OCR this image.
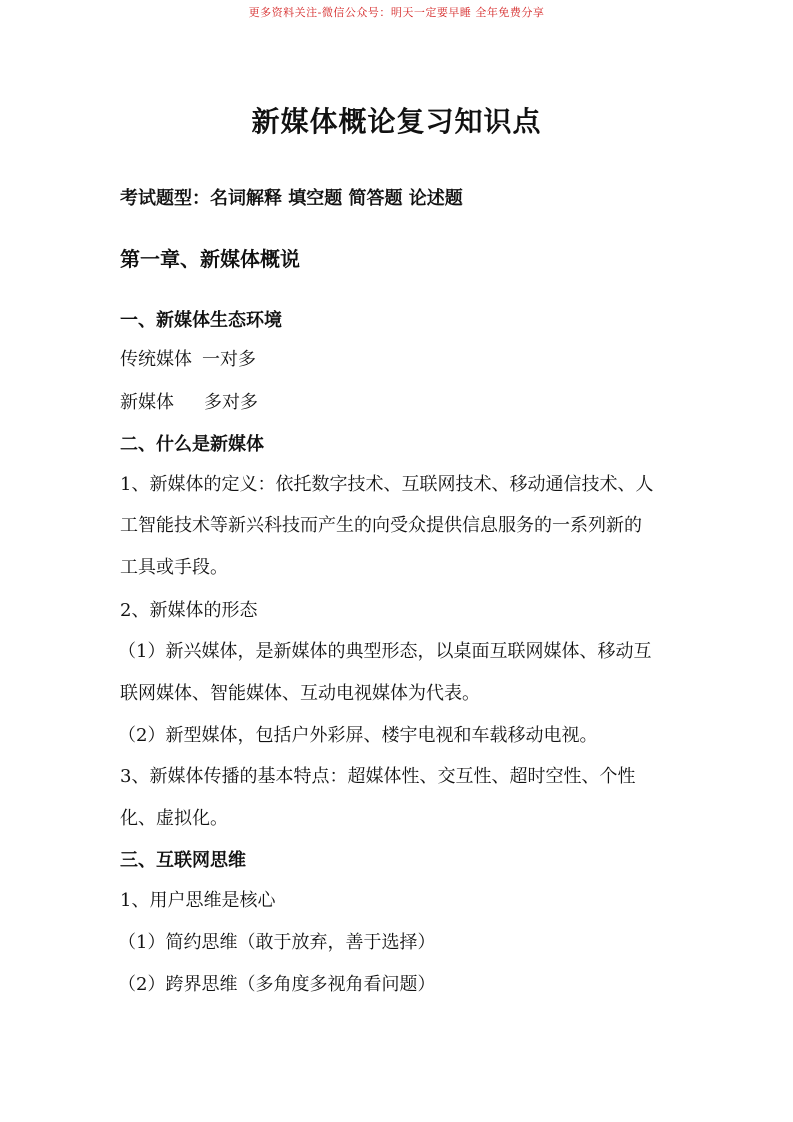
更多资料关注-微信公众号：明天一定要早睡 全年免费分享
新媒体概论复习知识点
考试题型：名词解释 填空题 简答题 论述题
第一章、新媒体概说
一、新媒体生态环境
传统媒体 一对多
新媒体 多对多
二、什么是新媒体
1、新媒体的定义：依托数字技术、互联网技术、移动通信技术、人
工智能技术等新兴科技而产生的向受众提供信息服务的一系列新的
工具或手段。
2、新媒体的形态
（1）新兴媒体，是新媒体的典型形态，以桌面互联网媒体、移动互
联网媒体、智能媒体、互动电视媒体为代表。
（2）新型媒体，包括户外彩屏、楼宇电视和车载移动电视。
3、新媒体传播的基本特点：超媒体性、交互性、超时空性、个性
化、虚拟化。
三、互联网思维
1、用户思维是核心
（1）简约思维（敢于放弃，善于选择）
（2）跨界思维（多角度多视角看问题）
